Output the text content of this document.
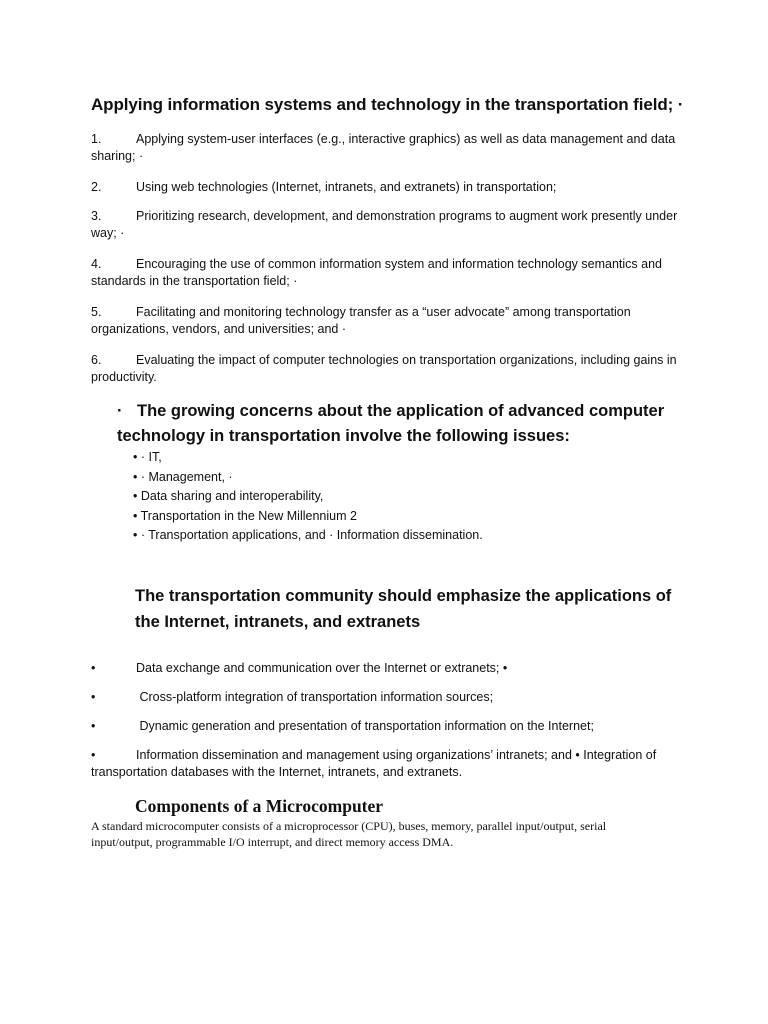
Applying information systems and technology in the transportation field; ·
1.	Applying system-user interfaces (e.g., interactive graphics) as well as data management and data sharing; ·
2.	Using web technologies (Internet, intranets, and extranets) in transportation;
3.	Prioritizing research, development, and demonstration programs to augment work presently under way; ·
4.	Encouraging the use of common information system and information technology semantics and standards in the transportation field; ·
5.	Facilitating and monitoring technology transfer as a “user advocate” among transportation organizations, vendors, and universities; and ·
6.	Evaluating the impact of computer technologies on transportation organizations, including gains in productivity.
· The growing concerns about the application of advanced computer technology in transportation involve the following issues:
• · IT,
• · Management, ·
• Data sharing and interoperability,
• Transportation in the New Millennium 2
• · Transportation applications, and · Information dissemination.
The transportation community should emphasize the applications of the Internet, intranets, and extranets
•	Data exchange and communication over the Internet or extranets; •
•	Cross-platform integration of transportation information sources;
•	Dynamic generation and presentation of transportation information on the Internet;
•	Information dissemination and management using organizations’ intranets; and • Integration of transportation databases with the Internet, intranets, and extranets.
Components of a Microcomputer
A standard microcomputer consists of a microprocessor (CPU), buses, memory, parallel input/output, serial input/output, programmable I/O interrupt, and direct memory access DMA.
